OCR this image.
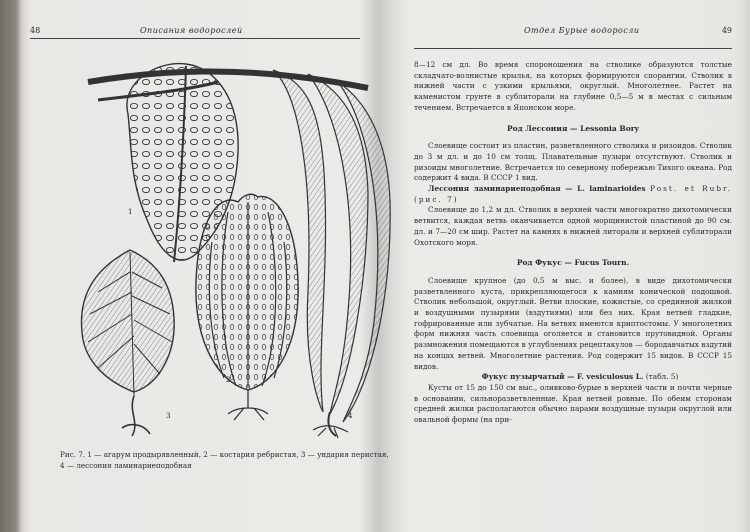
48	Описания водорослей
1
2
3	4
Рис. 7. 1 — агарум продырявленный, 2 — костария ребристая, 3 — ундария перистая, 4 — лессония ламинариеподобная
Отдел Бурые водоросли	49

8—12 см дл. Во время спороношения на стволике образуются толстые складчато-волнистые крылья, на которых формируются спорангии. Стволик в нижней части с узкими крыльями, округлый. Многолетнее. Растет на каменистом грунте в сублиторали на глубине 0,5—5 м в местах с сильным течением. Встречается в Японском море.

Род Лессония — Lessonia Bory

Слоевище состоит из пластин, разветвленного стволика и ризоидов. Стволик до 3 м дл. и до 10 см толщ. Плавательные пузыри отсутствуют. Стволик и ризоиды многолетние. Встречается по северному побережью Тихого океана. Род содержит 4 вида. В СССР 1 вид.

Лессония ламинариеподобная — L. laminarioides Post. et Rubr. (рис. 7)

Слоевище до 1,2 м дл. Стволик в верхней части многократно дихотомически ветвится, каждая ветвь оканчивается одной морщинистой пластиной до 90 см. дл. и 7—20 см шир. Растет на камнях в нижней литорали и верхней сублиторали Охотского моря.

Род Фукус — Fucus Tourn.

Слоевище крупное (до 0,5 м выс. и более), в виде дихотомически разветвленного куста, прикрепляющегося к камням конической подошвой. Стволик небольшой, округлый. Ветви плоские, кожистые, со срединной жилкой и воздушными пузырями (вздутиями) или без них. Края ветвей гладкие, гофрированные или зубчатые. На ветвях имеются криптостомы. У многолетних форм нижняя часть слоевища оголяется и становится прутовидной. Органы размножения помещаются в углублениях рецептакулов — бородавчатых вздутий на концах ветвей. Многолетние растения. Род содержит 15 видов. В СССР 15 видов.

Фукус пузырчатый — F. vesiculosus L. (табл. 5)

Кусты от 15 до 150 см выс., оливково-бурые в верхней части и почти черные в основании, сильноразветвленные. Края ветвей ровные. По обеим сторонам средней жилки располагаются обычно парами воздушные пузыри округлой или овальной формы (на при-
